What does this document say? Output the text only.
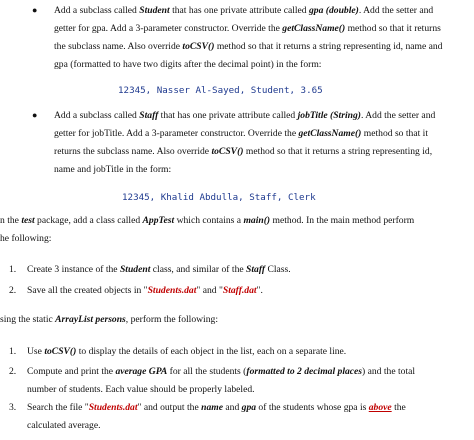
● Add a subclass called Student that has one private attribute called gpa (double). Add the setter and
getter for gpa. Add a 3-parameter constructor. Override the getClassName() method so that it returns
the subclass name. Also override toCSV() method so that it returns a string representing id, name and
gpa (formatted to have two digits after the decimal point) in the form:
12345, Nasser Al-Sayed, Student, 3.65
● Add a subclass called Staff that has one private attribute called jobTitle (String). Add the setter and
getter for jobTitle. Add a 3-parameter constructor. Override the getClassName() method so that it
returns the subclass name. Also override toCSV() method so that it returns a string representing id,
name and jobTitle in the form:
12345, Khalid Abdulla, Staff, Clerk
n the test package, add a class called AppTest which contains a main() method. In the main method perform
he following:
1. Create 3 instance of the Student class, and similar of the Staff Class.
2. Save all the created objects in "Students.dat" and "Staff.dat".
sing the static ArrayList persons, perform the following:
1. Use toCSV() to display the details of each object in the list, each on a separate line.
2. Compute and print the average GPA for all the students (formatted to 2 decimal places) and the total
number of students. Each value should be properly labeled.
3. Search the file "Students.dat" and output the name and gpa of the students whose gpa is above the
calculated average.
